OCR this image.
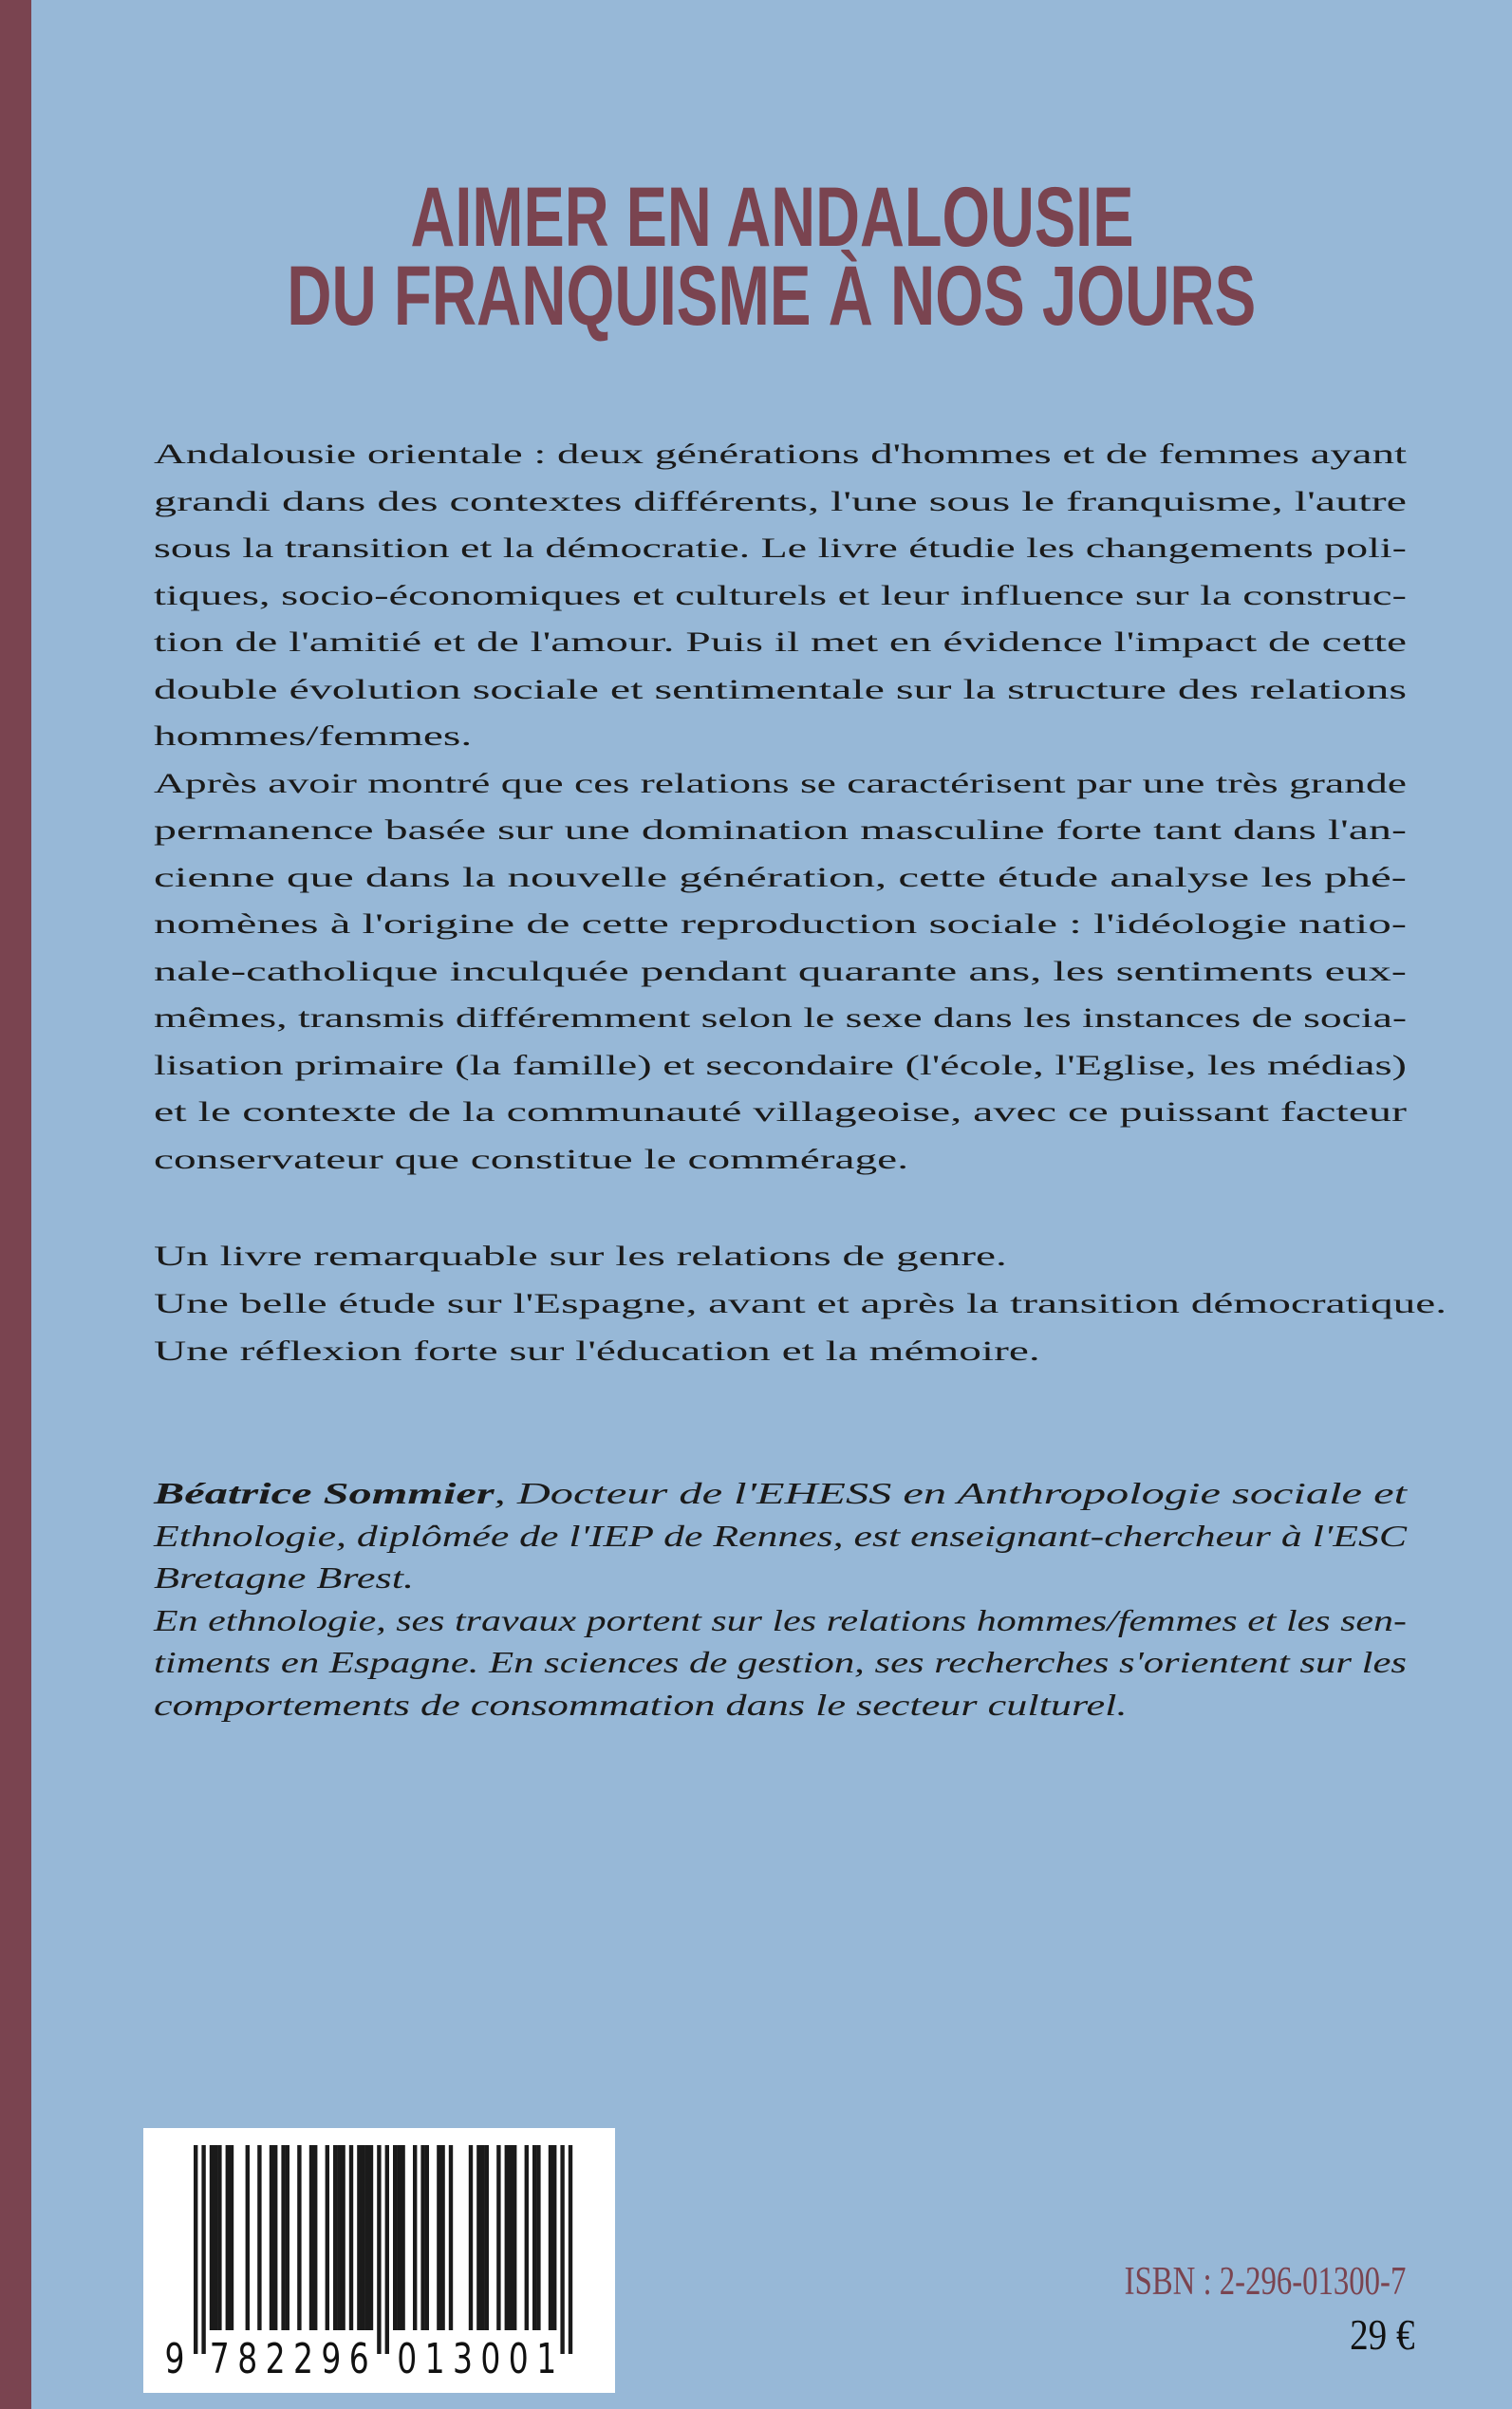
AIMER EN ANDALOUSIE
DU FRANQUISME À NOS JOURS
Andalousie orientale : deux générations d'hommes et de femmes ayant
grandi dans des contextes différents, l'une sous le franquisme, l'autre
sous la transition et la démocratie. Le livre étudie les changements poli-
tiques, socio-économiques et culturels et leur influence sur la construc-
tion de l'amitié et de l'amour. Puis il met en évidence l'impact de cette
double évolution sociale et sentimentale sur la structure des relations
hommes/femmes.
Après avoir montré que ces relations se caractérisent par une très grande
permanence basée sur une domination masculine forte tant dans l'an-
cienne que dans la nouvelle génération, cette étude analyse les phé-
nomènes à l'origine de cette reproduction sociale : l'idéologie natio-
nale-catholique inculquée pendant quarante ans, les sentiments eux-
mêmes, transmis différemment selon le sexe dans les instances de socia-
lisation primaire (la famille) et secondaire (l'école, l'Eglise, les médias)
et le contexte de la communauté villageoise, avec ce puissant facteur
conservateur que constitue le commérage.
Un livre remarquable sur les relations de genre.
Une belle étude sur l'Espagne, avant et après la transition démocratique.
Une réflexion forte sur l'éducation et la mémoire.
Béatrice Sommier, Docteur de l'EHESS en Anthropologie sociale et
Ethnologie, diplômée de l'IEP de Rennes, est enseignant-chercheur à l'ESC
Bretagne Brest.
En ethnologie, ses travaux portent sur les relations hommes/femmes et les sen-
timents en Espagne. En sciences de gestion, ses recherches s'orientent sur les
comportements de consommation dans le secteur culturel.
9 7 8 2 2 9 6 0 1 3 0 0 1
ISBN : 2-296-01300-7
29 €
